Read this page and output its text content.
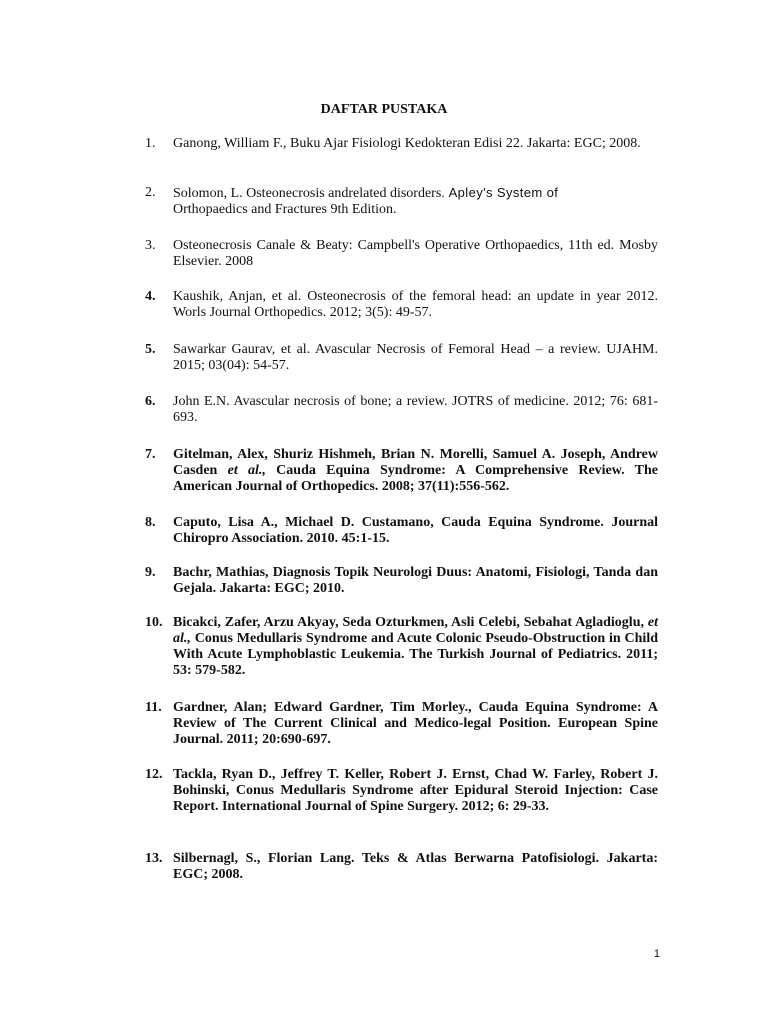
DAFTAR PUSTAKA
1.	Ganong, William F., Buku Ajar Fisiologi Kedokteran Edisi 22. Jakarta: EGC; 2008.
2.	Solomon, L. Osteonecrosis andrelated disorders. Apley's System of
Orthopaedics and Fractures 9th Edition.
3.	Osteonecrosis Canale & Beaty: Campbell's Operative Orthopaedics, 11th ed. Mosby Elsevier. 2008
4.	Kaushik, Anjan, et al. Osteonecrosis of the femoral head: an update in year 2012. Worls Journal Orthopedics. 2012; 3(5): 49-57.
5.	Sawarkar Gaurav, et al. Avascular Necrosis of Femoral Head – a review. UJAHM. 2015; 03(04): 54-57.
6.	John E.N. Avascular necrosis of bone; a review. JOTRS of medicine. 2012; 76: 681-693.
7.	Gitelman, Alex, Shuriz Hishmeh, Brian N. Morelli, Samuel A. Joseph, Andrew Casden et al., Cauda Equina Syndrome: A Comprehensive Review. The American Journal of Orthopedics. 2008; 37(11):556-562.
8.	Caputo, Lisa A., Michael D. Custamano, Cauda Equina Syndrome. Journal Chiropro Association. 2010. 45:1-15.
9.	Bachr, Mathias, Diagnosis Topik Neurologi Duus: Anatomi, Fisiologi, Tanda dan Gejala. Jakarta: EGC; 2010.
10. Bicakci, Zafer, Arzu Akyay, Seda Ozturkmen, Asli Celebi, Sebahat Agladioglu, et al., Conus Medullaris Syndrome and Acute Colonic Pseudo-Obstruction in Child With Acute Lymphoblastic Leukemia. The Turkish Journal of Pediatrics. 2011; 53: 579-582.
11. Gardner, Alan; Edward Gardner, Tim Morley., Cauda Equina Syndrome: A Review of The Current Clinical and Medico-legal Position. European Spine Journal. 2011; 20:690-697.
12. Tackla, Ryan D., Jeffrey T. Keller, Robert J. Ernst, Chad W. Farley, Robert J. Bohinski, Conus Medullaris Syndrome after Epidural Steroid Injection: Case Report. International Journal of Spine Surgery. 2012; 6: 29-33.
13. Silbernagl, S., Florian Lang. Teks & Atlas Berwarna Patofisiologi. Jakarta: EGC; 2008.
1
